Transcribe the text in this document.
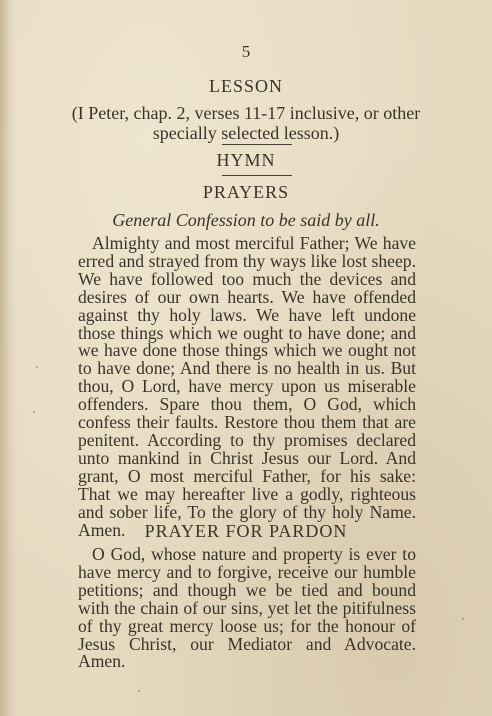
5
LESSON
(I Peter, chap. 2, verses 11-17 inclusive, or other specially selected lesson.)
HYMN
PRAYERS
General Confession to be said by all.
Almighty and most merciful Father; We have erred and strayed from thy ways like lost sheep. We have followed too much the devices and desires of our own hearts. We have offended against thy holy laws. We have left undone those things which we ought to have done; and we have done those things which we ought not to have done; And there is no health in us. But thou, O Lord, have mercy upon us miserable offenders. Spare thou them, O God, which confess their faults. Restore thou them that are penitent. According to thy promises declared unto mankind in Christ Jesus our Lord. And grant, O most merciful Father, for his sake: That we may hereafter live a godly, righteous and sober life, To the glory of thy holy Name. Amen.	PRAYER FOR PARDON
O God, whose nature and property is ever to have mercy and to forgive, receive our humble petitions; and though we be tied and bound with the chain of our sins, yet let the pitifulness of thy great mercy loose us; for the honour of Jesus Christ, our Mediator and Advocate. Amen.
